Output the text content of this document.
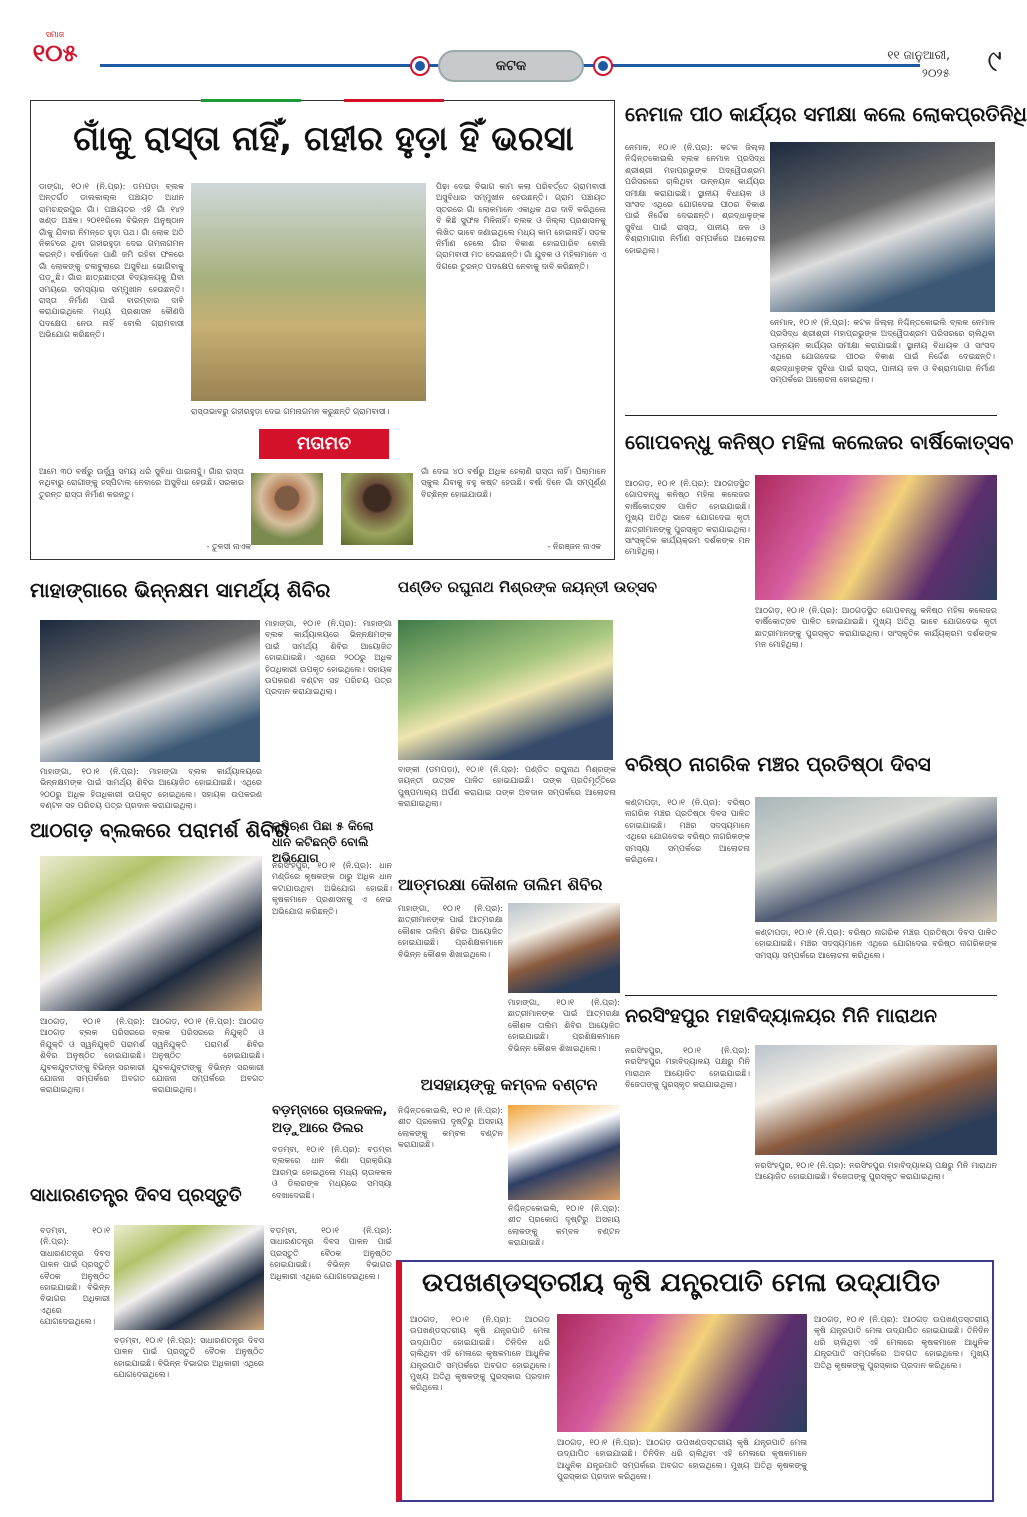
ସମାଜ
୧୦୫	କଟକ
୧୧ ଜାନୁଆରୀ,
୨୦୨୫ ୯
ଗାଁକୁ ରାସ୍ତା ନାହିଁ, ଗହୀର ହୁଡ଼ା ହିଁ ଭରସା
ଡାଙ୍ଗା, ୧୦।୧ (ନି.ପ୍ର): ଡମପଡ଼ା ବ୍ଲକ ଅନ୍ତର୍ଗତ ଡାଲକାଲ୍ଲ ପଞ୍ଚାୟତ ଅଧୀନ ରାମଚନ୍ଦ୍ରପୁର ଗାଁ। ପଞ୍ଚାୟତର ଏହି ଗାଁ ୧୪୨ ଖଣ୍ଡ ଅଞ୍ଚଳ। ୨୦୧୧ରିଲେ ବିଭିନ୍ନ ଅନୁଷ୍ଠାନ ଗାଁକୁ ଯିବାର ନିମନ୍ତେ ହୁଡ଼ା ପଥ। ଗାଁ ଲୋକ ଅତି ନିକଟରେ ଥିବା ଗହୀରହୁଡ଼ା ଦେଇ ଗମନାଗମନ କରନ୍ତି। ବର୍ଷାଦିନେ ପାଣି ଜମି ରହିବା ଫଳରେ ଗାଁ ଲୋକଙ୍କୁ ଚଳାବୁଲାରେ ଅସୁବିଧା ଭୋଗିବାକୁ ପଡ଼ୁଛି। ଗାଁର ଛାତ୍ରଛାତ୍ରୀ ବିଦ୍ୟାଳୟକୁ ଯିବା ସମୟରେ ସମସ୍ୟାର ସମ୍ମୁଖୀନ ହେଉଛନ୍ତି। ରାସ୍ତା ନିର୍ମାଣ ପାଇଁ ବାରମ୍ବାର ଦାବି କରାଯାଇଥିଲେ ମଧ୍ୟ ପ୍ରଶାସନ କୌଣସି ପଦକ୍ଷେପ ନେଉ ନାହିଁ ବୋଲି ଗ୍ରାମବାସୀ ଅଭିଯୋଗ କରିଛନ୍ତି।
ରାସ୍ତାଭାବରୁ ଗହୀରହୁଡ଼ା ଦେଇ ଗମନାଗମନ କରୁଛନ୍ତି ଗ୍ରାମବାସୀ।
ପିଢ଼ା ଦେଇ ବିଭାଗ କାମ କଲା ପରିବର୍ତ୍ତେ ଗ୍ରାମବାସୀ ଅସୁବିଧାର ସମ୍ମୁଖୀନ ହେଉଛନ୍ତି। ଗ୍ରାମ ପଞ୍ଚାୟତ ସ୍ତରରେ ଗାଁ ଲୋକମାନେ ଏକାଧିକ ଥର ଦାବି କରିଥିଲେ ବି କିଛି ସୁଫଳ ମିଳିନାହିଁ। ବ୍ଲକ ଓ ଜିଲ୍ଲା ପ୍ରଶାସନକୁ ଲିଖିତ ଭାବେ ଜଣାଇଥିଲେ ମଧ୍ୟ କାମ ହୋଇନାହିଁ। ସଡ଼କ ନିର୍ମାଣ ହେଲେ ଗାଁର ବିକାଶ ହୋଇପାରିବ ବୋଲି ଗ୍ରାମବାସୀ ମତ ଦେଇଛନ୍ତି। ଗାଁ ଯୁବକ ଓ ମହିଳାମାନେ ଏ ଦିଗରେ ତୁରନ୍ତ ପଦକ୍ଷେପ ନେବାକୁ ଦାବି କରିଛନ୍ତି।
ମତାମତ
ଆମେ ୩୦ ବର୍ଷରୁ ଊର୍ଦ୍ଧ୍ୱ ସମୟ ଧରି ସୁବିଧା ପାଇନାହୁଁ। ଗାଁର ରାସ୍ତା ନଥିବାରୁ ରୋଗୀଙ୍କୁ ହସ୍ପିଟାଲ ନେବାରେ ଅସୁବିଧା ହେଉଛି। ସରକାର ତୁରନ୍ତ ରାସ୍ତା ନିର୍ମାଣ କରନ୍ତୁ।
ଗାଁ ଦେଇ ୪୦ ବର୍ଷରୁ ଅଧିକ ହେଲାଣି ରାସ୍ତା ନାହିଁ। ପିଲାମାନେ ସ୍କୁଲ ଯିବାକୁ ବହୁ କଷ୍ଟ ହେଉଛି। ବର୍ଷା ଦିନେ ଗାଁ ସମ୍ପୂର୍ଣ୍ଣ ବିଚ୍ଛିନ୍ନ ହୋଇଯାଉଛି।
- ତୁଳସୀ ନାଏକ	- ନିରଞ୍ଜନ ନାଏକ
ନେମାଳ ପୀଠ କାର୍ଯ୍ୟର ସମୀକ୍ଷା କଲେ ଲୋକପ୍ରତିନିଧି
ନେମାଳ, ୧୦।୧ (ନି.ପ୍ର): କଟକ ଜିଲ୍ଲା ନିଶ୍ଚିନ୍ତକୋଇଲି ବ୍ଲକ ନେମାଳ ପ୍ରସିଦ୍ଧ ଶ୍ରୀଶ୍ରୀ ମହାପ୍ରଭୁଙ୍କ ଅଦ୍ୱୈତାଶ୍ରମ ପରିସରରେ ଚାଲିଥିବା ଉନ୍ନୟନ କାର୍ଯ୍ୟର ସମୀକ୍ଷା କରାଯାଇଛି। ସ୍ଥାନୀୟ ବିଧାୟକ ଓ ସାଂସଦ ଏଥିରେ ଯୋଗଦେଇ ପୀଠର ବିକାଶ ପାଇଁ ନିର୍ଦ୍ଦେଶ ଦେଇଛନ୍ତି। ଶ୍ରଦ୍ଧାଳୁଙ୍କ ସୁବିଧା ପାଇଁ ରାସ୍ତା, ପାନୀୟ ଜଳ ଓ ବିଶ୍ରାମାଗାର ନିର୍ମାଣ ସମ୍ପର୍କରେ ଆଲୋଚନା ହୋଇଥିଲା।
ନେମାଳ, ୧୦।୧ (ନି.ପ୍ର): କଟକ ଜିଲ୍ଲା ନିଶ୍ଚିନ୍ତକୋଇଲି ବ୍ଲକ ନେମାଳ ପ୍ରସିଦ୍ଧ ଶ୍ରୀଶ୍ରୀ ମହାପ୍ରଭୁଙ୍କ ଅଦ୍ୱୈତାଶ୍ରମ ପରିସରରେ ଚାଲିଥିବା ଉନ୍ନୟନ କାର୍ଯ୍ୟର ସମୀକ୍ଷା କରାଯାଇଛି। ସ୍ଥାନୀୟ ବିଧାୟକ ଓ ସାଂସଦ ଏଥିରେ ଯୋଗଦେଇ ପୀଠର ବିକାଶ ପାଇଁ ନିର୍ଦ୍ଦେଶ ଦେଇଛନ୍ତି। ଶ୍ରଦ୍ଧାଳୁଙ୍କ ସୁବିଧା ପାଇଁ ରାସ୍ତା, ପାନୀୟ ଜଳ ଓ ବିଶ୍ରାମାଗାର ନିର୍ମାଣ ସମ୍ପର୍କରେ ଆଲୋଚନା ହୋଇଥିଲା।
ଗୋପବନ୍ଧୁ କନିଷ୍ଠ ମହିଳା କଲେଜର ବାର୍ଷିକୋତ୍ସବ
ଆଠଗଡ଼, ୧୦।୧ (ନି.ପ୍ର): ଆଠଗଡ଼ସ୍ଥିତ ଗୋପବନ୍ଧୁ କନିଷ୍ଠ ମହିଳା କଲେଜର ବାର୍ଷିକୋତ୍ସବ ପାଳିତ ହୋଇଯାଇଛି। ମୁଖ୍ୟ ଅତିଥି ଭାବେ ଯୋଗଦେଇ କୃତୀ ଛାତ୍ରୀମାନଙ୍କୁ ପୁରସ୍କୃତ କରାଯାଇଥିଲା। ସାଂସ୍କୃତିକ କାର୍ଯ୍ୟକ୍ରମ ଦର୍ଶକଙ୍କ ମନ ମୋହିଥିଲା।
ଆଠଗଡ଼, ୧୦।୧ (ନି.ପ୍ର): ଆଠଗଡ଼ସ୍ଥିତ ଗୋପବନ୍ଧୁ କନିଷ୍ଠ ମହିଳା କଲେଜର ବାର୍ଷିକୋତ୍ସବ ପାଳିତ ହୋଇଯାଇଛି। ମୁଖ୍ୟ ଅତିଥି ଭାବେ ଯୋଗଦେଇ କୃତୀ ଛାତ୍ରୀମାନଙ୍କୁ ପୁରସ୍କୃତ କରାଯାଇଥିଲା। ସାଂସ୍କୃତିକ କାର୍ଯ୍ୟକ୍ରମ ଦର୍ଶକଙ୍କ ମନ ମୋହିଥିଲା।
ମାହାଙ୍ଗାରେ ଭିନ୍ନକ୍ଷମ ସାମର୍ଥ୍ୟ ଶିବିର
ମାହାଙ୍ଗା, ୧୦।୧ (ନି.ପ୍ର): ମାହାଙ୍ଗା ବ୍ଲକ କାର୍ଯ୍ୟାଳୟରେ ଭିନ୍ନକ୍ଷମଙ୍କ ପାଇଁ ସାମର୍ଥ୍ୟ ଶିବିର ଆୟୋଜିତ ହୋଇଯାଇଛି। ଏଥିରେ ୨୦୦ରୁ ଅଧିକ ହିତାଧିକାରୀ ଉପକୃତ ହୋଇଥିଲେ। ସହାୟକ ଉପକରଣ ବଣ୍ଟନ ସହ ପରିଚୟ ପତ୍ର ପ୍ରଦାନ କରାଯାଇଥିଲା।
ମାହାଙ୍ଗା, ୧୦।୧ (ନି.ପ୍ର): ମାହାଙ୍ଗା ବ୍ଲକ କାର୍ଯ୍ୟାଳୟରେ ଭିନ୍ନକ୍ଷମଙ୍କ ପାଇଁ ସାମର୍ଥ୍ୟ ଶିବିର ଆୟୋଜିତ ହୋଇଯାଇଛି। ଏଥିରେ ୨୦୦ରୁ ଅଧିକ ହିତାଧିକାରୀ ଉପକୃତ ହୋଇଥିଲେ। ସହାୟକ ଉପକରଣ ବଣ୍ଟନ ସହ ପରିଚୟ ପତ୍ର ପ୍ରଦାନ କରାଯାଇଥିଲା।
ପଣ୍ଡିତ ରଘୁନାଥ ମିଶ୍ରଙ୍କ ଜୟନ୍ତୀ ଉତ୍ସବ
ବାଙ୍କୀ (ଡମପଡ଼ା), ୧୦।୧ (ନି.ପ୍ର): ପଣ୍ଡିତ ରଘୁନାଥ ମିଶ୍ରଙ୍କ ଜୟନ୍ତୀ ଉତ୍ସବ ପାଳିତ ହୋଇଯାଇଛି। ତାଙ୍କ ପ୍ରତିମୂର୍ତ୍ତିରେ ପୁଷ୍ପମାଲ୍ୟ ଅର୍ପଣ କରାଯାଇ ତାଙ୍କ ଅବଦାନ ସମ୍ପର୍କରେ ଆଲୋଚନା କରାଯାଇଥିଲା।
ଆଠଗଡ଼ ବ୍ଲକରେ ପରାମର୍ଶ ଶିବିର
ଆଠଗଡ଼, ୧୦।୧ (ନି.ପ୍ର): ଆଠଗଡ଼ ବ୍ଲକ ପରିସରରେ ନିଯୁକ୍ତି ଓ ସ୍ୱନିଯୁକ୍ତି ପରାମର୍ଶ ଶିବିର ଅନୁଷ୍ଠିତ ହୋଇଯାଇଛି। ଯୁବକଯୁବତୀଙ୍କୁ ବିଭିନ୍ନ ସରକାରୀ ଯୋଜନା ସମ୍ପର୍କରେ ଅବଗତ କରାଯାଇଥିଲା।
ଆଠଗଡ଼, ୧୦।୧ (ନି.ପ୍ର): ଆଠଗଡ଼ ବ୍ଲକ ପରିସରରେ ନିଯୁକ୍ତି ଓ ସ୍ୱନିଯୁକ୍ତି ପରାମର୍ଶ ଶିବିର ଅନୁଷ୍ଠିତ ହୋଇଯାଇଛି। ଯୁବକଯୁବତୀଙ୍କୁ ବିଭିନ୍ନ ସରକାରୀ ଯୋଜନା ସମ୍ପର୍କରେ ଅବଗତ କରାଯାଇଥିଲା।
କୃଷିଋଣ ପିଛା ୫ କିଲୋ ଧାନ କଟିଛନ୍ତି ବୋଲି ଅଭିଯୋଗ
ନରସିଂହପୁର, ୧୦।୧ (ନି.ପ୍ର): ଧାନ ମଣ୍ଡିରେ କୃଷକଙ୍କ ଠାରୁ ଅଧିକ ଧାନ କଟାଯାଉଥିବା ଅଭିଯୋଗ ହୋଇଛି। କୃଷକମାନେ ପ୍ରଶାସନକୁ ଏ ନେଇ ଅଭିଯୋଗ କରିଛନ୍ତି।
ଆତ୍ମରକ୍ଷା କୌଶଳ ତାଲିମ ଶିବିର
ମାହାଙ୍ଗା, ୧୦।୧ (ନି.ପ୍ର): ଛାତ୍ରୀମାନଙ୍କ ପାଇଁ ଆତ୍ମରକ୍ଷା କୌଶଳ ତାଲିମ ଶିବିର ଆୟୋଜିତ ହୋଇଯାଇଛି। ପ୍ରଶିକ୍ଷକମାନେ ବିଭିନ୍ନ କୌଶଳ ଶିଖାଇଥିଲେ।
ମାହାଙ୍ଗା, ୧୦।୧ (ନି.ପ୍ର): ଛାତ୍ରୀମାନଙ୍କ ପାଇଁ ଆତ୍ମରକ୍ଷା କୌଶଳ ତାଲିମ ଶିବିର ଆୟୋଜିତ ହୋଇଯାଇଛି। ପ୍ରଶିକ୍ଷକମାନେ ବିଭିନ୍ନ କୌଶଳ ଶିଖାଇଥିଲେ।
ବରିଷ୍ଠ ନାଗରିକ ମଞ୍ଚର ପ୍ରତିଷ୍ଠା ଦିବସ
କଣ୍ଟାପଡ଼ା, ୧୦।୧ (ନି.ପ୍ର): ବରିଷ୍ଠ ନାଗରିକ ମଞ୍ଚର ପ୍ରତିଷ୍ଠା ଦିବସ ପାଳିତ ହୋଇଯାଇଛି। ମଞ୍ଚର ସଦସ୍ୟମାନେ ଏଥିରେ ଯୋଗଦେଇ ବରିଷ୍ଠ ନାଗରିକଙ୍କ ସମସ୍ୟା ସମ୍ପର୍କରେ ଆଲୋଚନା କରିଥିଲେ।
କଣ୍ଟାପଡ଼ା, ୧୦।୧ (ନି.ପ୍ର): ବରିଷ୍ଠ ନାଗରିକ ମଞ୍ଚର ପ୍ରତିଷ୍ଠା ଦିବସ ପାଳିତ ହୋଇଯାଇଛି। ମଞ୍ଚର ସଦସ୍ୟମାନେ ଏଥିରେ ଯୋଗଦେଇ ବରିଷ୍ଠ ନାଗରିକଙ୍କ ସମସ୍ୟା ସମ୍ପର୍କରେ ଆଲୋଚନା କରିଥିଲେ।
ନରସିଂହପୁର ମହାବିଦ୍ୟାଳୟର ମିନି ମାରାଥନ
ନରସିଂହପୁର, ୧୦।୧ (ନି.ପ୍ର): ନରସିଂହପୁର ମହାବିଦ୍ୟାଳୟ ପକ୍ଷରୁ ମିନି ମାରାଥନ ଆୟୋଜିତ ହୋଇଯାଇଛି। ବିଜେତାଙ୍କୁ ପୁରସ୍କୃତ କରାଯାଇଥିଲା।
ନରସିଂହପୁର, ୧୦।୧ (ନି.ପ୍ର): ନରସିଂହପୁର ମହାବିଦ୍ୟାଳୟ ପକ୍ଷରୁ ମିନି ମାରାଥନ ଆୟୋଜିତ ହୋଇଯାଇଛି। ବିଜେତାଙ୍କୁ ପୁରସ୍କୃତ କରାଯାଇଥିଲା।
ବଡ଼ମ୍ବାରେ ଚାଉଳକଳ, ଅଡ଼ୁଆରେ ଡିଲର
ବଡ଼ମ୍ବା, ୧୦।୧ (ନି.ପ୍ର): ବଡ଼ମ୍ବା ବ୍ଲକରେ ଧାନ କିଣା ପ୍ରକ୍ରିୟା ଆରମ୍ଭ ହୋଇଥିଲେ ମଧ୍ୟ ଚାଉଳକଳ ଓ ଡିଲରଙ୍କ ମଧ୍ୟରେ ସମସ୍ୟା ଦେଖାଦେଇଛି।
ଅସହାୟଙ୍କୁ କମ୍ବଳ ବଣ୍ଟନ
ନିଶ୍ଚିନ୍ତକୋଇଲି, ୧୦।୧ (ନି.ପ୍ର): ଶୀତ ପ୍ରକୋପ ଦୃଷ୍ଟିରୁ ଅସହାୟ ଲୋକଙ୍କୁ କମ୍ବଳ ବଣ୍ଟନ କରାଯାଇଛି।
ନିଶ୍ଚିନ୍ତକୋଇଲି, ୧୦।୧ (ନି.ପ୍ର): ଶୀତ ପ୍ରକୋପ ଦୃଷ୍ଟିରୁ ଅସହାୟ ଲୋକଙ୍କୁ କମ୍ବଳ ବଣ୍ଟନ କରାଯାଇଛି।
ସାଧାରଣତନ୍ତ୍ର ଦିବସ ପ୍ରସ୍ତୁତି
ବଡ଼ମ୍ବା, ୧୦।୧ (ନି.ପ୍ର): ସାଧାରଣତନ୍ତ୍ର ଦିବସ ପାଳନ ପାଇଁ ପ୍ରସ୍ତୁତି ବୈଠକ ଅନୁଷ୍ଠିତ ହୋଇଯାଇଛି। ବିଭିନ୍ନ ବିଭାଗର ଅଧିକାରୀ ଏଥିରେ ଯୋଗଦେଇଥିଲେ।
ବଡ଼ମ୍ବା, ୧୦।୧ (ନି.ପ୍ର): ସାଧାରଣତନ୍ତ୍ର ଦିବସ ପାଳନ ପାଇଁ ପ୍ରସ୍ତୁତି ବୈଠକ ଅନୁଷ୍ଠିତ ହୋଇଯାଇଛି। ବିଭିନ୍ନ ବିଭାଗର ଅଧିକାରୀ ଏଥିରେ ଯୋଗଦେଇଥିଲେ।
ବଡ଼ମ୍ବା, ୧୦।୧ (ନି.ପ୍ର): ସାଧାରଣତନ୍ତ୍ର ଦିବସ ପାଳନ ପାଇଁ ପ୍ରସ୍ତୁତି ବୈଠକ ଅନୁଷ୍ଠିତ ହୋଇଯାଇଛି। ବିଭିନ୍ନ ବିଭାଗର ଅଧିକାରୀ ଏଥିରେ ଯୋଗଦେଇଥିଲେ।	ଉପଖଣ୍ଡସ୍ତରୀୟ କୃଷି ଯନ୍ତ୍ରପାତି ମେଳା ଉଦ୍‌ଯାପିତ
ଆଠଗଡ଼, ୧୦।୧ (ନି.ପ୍ର): ଆଠଗଡ଼ ଉପଖଣ୍ଡସ୍ତରୀୟ କୃଷି ଯନ୍ତ୍ରପାତି ମେଳା ଉଦ୍‌ଯାପିତ ହୋଇଯାଇଛି। ତିନିଦିନ ଧରି ଚାଲିଥିବା ଏହି ମେଳାରେ କୃଷକମାନେ ଆଧୁନିକ ଯନ୍ତ୍ରପାତି ସମ୍ପର୍କରେ ଅବଗତ ହୋଇଥିଲେ। ମୁଖ୍ୟ ଅତିଥି କୃଷକଙ୍କୁ ପୁରସ୍କାର ପ୍ରଦାନ କରିଥିଲେ।
ଆଠଗଡ଼, ୧୦।୧ (ନି.ପ୍ର): ଆଠଗଡ଼ ଉପଖଣ୍ଡସ୍ତରୀୟ କୃଷି ଯନ୍ତ୍ରପାତି ମେଳା ଉଦ୍‌ଯାପିତ ହୋଇଯାଇଛି। ତିନିଦିନ ଧରି ଚାଲିଥିବା ଏହି ମେଳାରେ କୃଷକମାନେ ଆଧୁନିକ ଯନ୍ତ୍ରପାତି ସମ୍ପର୍କରେ ଅବଗତ ହୋଇଥିଲେ। ମୁଖ୍ୟ ଅତିଥି କୃଷକଙ୍କୁ ପୁରସ୍କାର ପ୍ରଦାନ କରିଥିଲେ।
ଆଠଗଡ଼, ୧୦।୧ (ନି.ପ୍ର): ଆଠଗଡ଼ ଉପଖଣ୍ଡସ୍ତରୀୟ କୃଷି ଯନ୍ତ୍ରପାତି ମେଳା ଉଦ୍‌ଯାପିତ ହୋଇଯାଇଛି। ତିନିଦିନ ଧରି ଚାଲିଥିବା ଏହି ମେଳାରେ କୃଷକମାନେ ଆଧୁନିକ ଯନ୍ତ୍ରପାତି ସମ୍ପର୍କରେ ଅବଗତ ହୋଇଥିଲେ। ମୁଖ୍ୟ ଅତିଥି କୃଷକଙ୍କୁ ପୁରସ୍କାର ପ୍ରଦାନ କରିଥିଲେ।
